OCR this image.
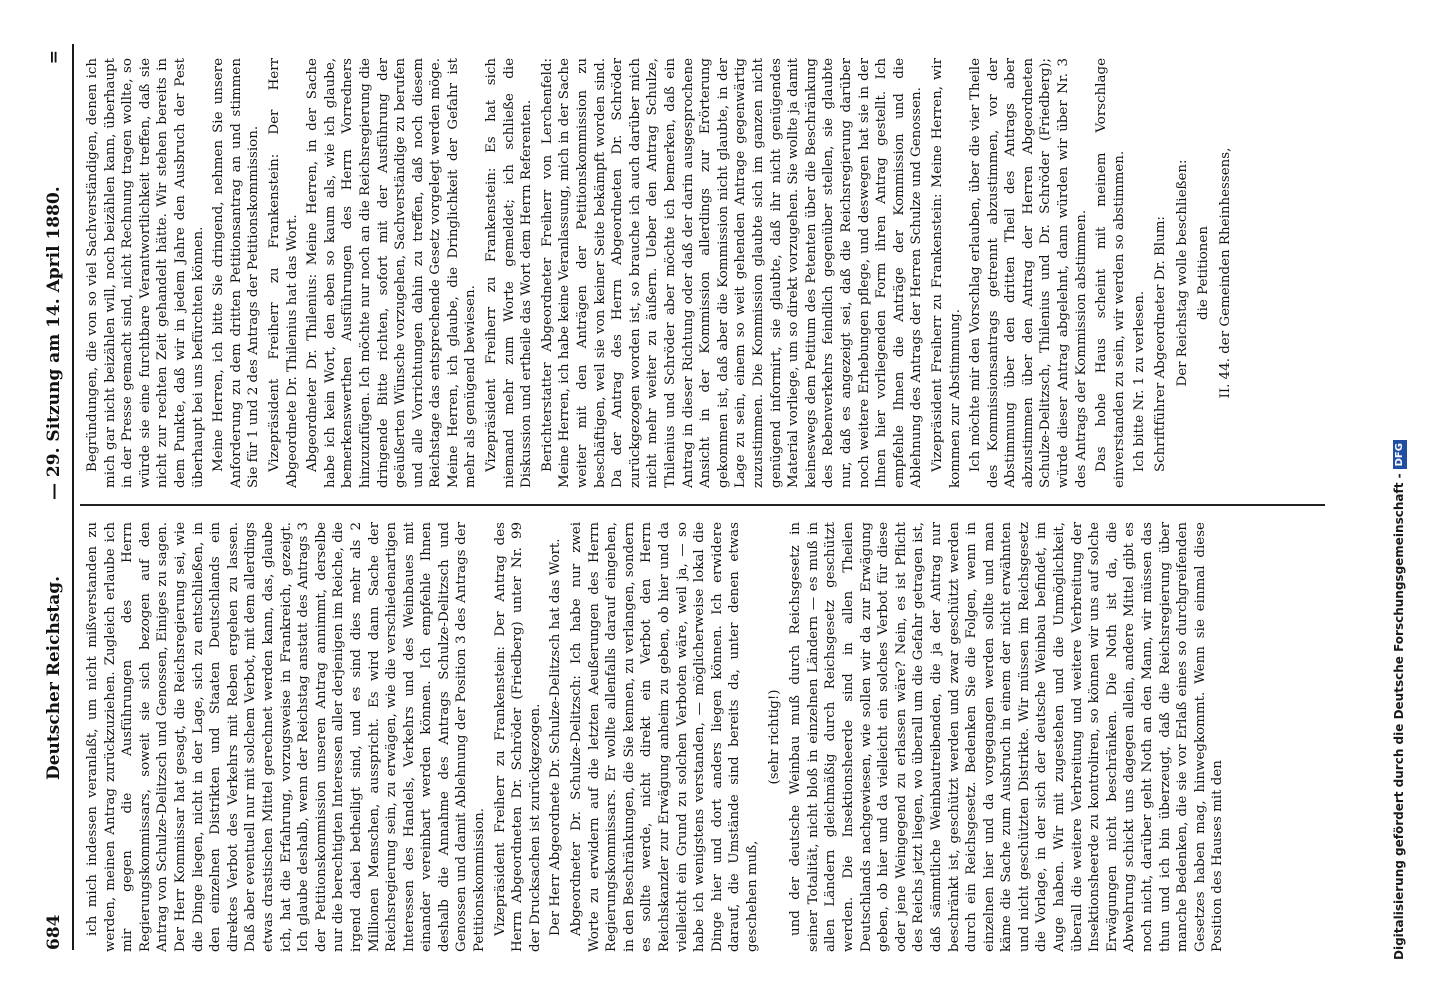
684
Deutscher Reichstag.
— 29. Sitzung am 14. April 1880.
=

ich mich indessen veranlaßt, um nicht mißverstanden zu werden, meinen Antrag zurückzuziehen. Zugleich erlaube ich mir gegen die Ausführungen des Herrn Regierungskommissars, soweit sie sich bezogen auf den Antrag von Schulze-Delitzsch und Genossen, Einiges zu sagen. Der Herr Kommissar hat gesagt, die Reichsregierung sei, wie die Dinge liegen, nicht in der Lage, sich zu entschließen, in den einzelnen Distrikten und Staaten Deutschlands ein direktes Verbot des Verkehrs mit Reben ergehen zu lassen. Daß aber eventuell nur mit solchem Verbot, mit dem allerdings etwas drastischen Mittel gerechnet werden kann, das, glaube ich, hat die Erfahrung, vorzugsweise in Frankreich, gezeigt. Ich glaube deshalb, wenn der Reichstag anstatt des Antrags 3 der Petitionskommission unseren Antrag annimmt, derselbe nur die berechtigten Interessen aller derjenigen im Reiche, die irgend dabei betheiligt sind, und es sind dies mehr als 2 Millionen Menschen, ausspricht. Es wird dann Sache der Reichsregierung sein, zu erwägen, wie die verschiedenartigen Interessen des Handels, Verkehrs und des Weinbaues mit einander vereinbart werden können. Ich empfehle Ihnen deshalb die Annahme des Antrags Schulze-Delitzsch und Genossen und damit Ablehnung der Position 3 des Antrags der Petitionskommission. Vizepräsident Freiherr zu Frankenstein: Der Antrag des Herrn Abgeordneten Dr. Schröder (Friedberg) unter Nr. 99 der Drucksachen ist zurückgezogen. Der Herr Abgeordnete Dr. Schulze-Delitzsch hat das Wort. Abgeordneter Dr. Schulze-Delitzsch: Ich habe nur zwei Worte zu erwidern auf die letzten Aeußerungen des Herrn Regierungskommissars. Er wollte allenfalls darauf eingehen, in den Beschränkungen, die Sie kennen, zu verlangen, sondern es sollte werde, nicht direkt ein Verbot den Herrn Reichskanzler zur Erwägung anheim zu geben, ob hier und da vielleicht ein Grund zu solchen Verboten wäre, weil ja, — so habe ich wenigstens verstanden, — möglicherweise lokal die Dinge hier und dort anders liegen können. Ich erwidere darauf, die Umstände sind bereits da, unter denen etwas geschehen muß,

(sehr richtig!) und der deutsche Weinbau muß durch Reichsgesetz in seiner Totalität, nicht bloß in einzelnen Ländern — es muß in allen Ländern gleichmäßig durch Reichsgesetz geschützt werden. Die Insektionsheerde sind in allen Theilen Deutschlands nachgewiesen, wie sollen wir da zur Erwägung geben, ob hier und da vielleicht ein solches Verbot für diese oder jene Weingegend zu erlassen wäre? Nein, es ist Pflicht des Reichs jetzt liegen, wo überall um die Gefahr getragen ist, daß sämmtliche Weinbautreibenden, die ja der Antrag nur beschränkt ist, geschützt werden und zwar geschützt werden durch ein Reichsgesetz. Bedenken Sie die Folgen, wenn in einzelnen hier und da vorgegangen werden sollte und man käme die Sache zum Ausbruch in einem der nicht erwähnten und nicht geschützten Distrikte. Wir müssen im Reichsgesetz die Vorlage, in der sich der deutsche Weinbau befindet, im Auge haben. Wir mit zugestehen und die Unmöglichkeit, überall die weitere Verbreitung und weitere Verbreitung der Insektionsheerde zu kontroliren, so können wir uns auf solche Erwägungen nicht beschränken. Die Noth ist da, die Abwehrung schickt uns dagegen allein, andere Mittel gibt es noch nicht, darüber geht Noth an den Mann, wir müssen das thun und ich bin überzeugt, daß die Reichsregierung über manche Bedenken, die sie vor Erlaß eines so durchgreifenden Gesetzes haben mag, hinwegkommt. Wenn sie einmal diese Position des Hauses mit den

Begründungen, die von so viel Sachverständigen, denen ich mich gar nicht beizählen will, noch beizählen kann, überhaupt in der Presse gemacht sind, nicht Rechnung tragen wollte, so würde sie eine furchtbare Verantwortlichkeit treffen, daß sie nicht zur rechten Zeit gehandelt hätte. Wir stehen bereits in dem Punkte, daß wir in jedem Jahre den Ausbruch der Pest überhaupt bei uns befürchten können. Meine Herren, ich bitte Sie dringend, nehmen Sie unsere Anforderung zu dem dritten Petitionsantrag an und stimmen Sie für 1 und 2 des Antrags der Petitionskommission. Vizepräsident Freiherr zu Frankenstein: Der Herr Abgeordnete Dr. Thilenius hat das Wort. Abgeordneter Dr. Thilenius: Meine Herren, in der Sache habe ich kein Wort, den eben so kaum als, wie ich glaube, bemerkenswerthen Ausführungen des Herrn Vorredners hinzuzufügen. Ich möchte nur noch an die Reichsregierung die dringende Bitte richten, sofort mit der Ausführung der geäußerten Wünsche vorzugehen, Sachverständige zu berufen und alle Vorrichtungen dahin zu treffen, daß noch diesem Reichstage das entsprechende Gesetz vorgelegt werden möge. Meine Herren, ich glaube, die Dringlichkeit der Gefahr ist mehr als genügend bewiesen. Vizepräsident Freiherr zu Frankenstein: Es hat sich niemand mehr zum Worte gemeldet; ich schließe die Diskussion und ertheile das Wort dem Herrn Referenten. Berichterstatter Abgeordneter Freiherr von Lerchenfeld: Meine Herren, ich habe keine Veranlassung, mich in der Sache weiter mit den Anträgen der Petitionskommission zu beschäftigen, weil sie von keiner Seite bekämpft worden sind. Da der Antrag des Herrn Abgeordneten Dr. Schröder zurückgezogen worden ist, so brauche ich auch darüber mich nicht mehr weiter zu äußern. Ueber den Antrag Schulze, Thilenius und Schröder aber möchte ich bemerken, daß ein Antrag in dieser Richtung oder daß der darin ausgesprochene Ansicht in der Kommission allerdings zur Erörterung gekommen ist, daß aber die Kommission nicht glaubte, in der Lage zu sein, einem so weit gehenden Antrage gegenwärtig zuzustimmen. Die Kommission glaubte sich im ganzen nicht genügend informirt, sie glaubte, daß ihr nicht genügendes Material vorliege, um so direkt vorzugehen. Sie wollte ja damit keineswegs dem Petitum des Petenten über die Beschränkung des Rebenverkehrs feindlich gegenüber stellen, sie glaubte nur, daß es angezeigt sei, daß die Reichsregierung darüber noch weitere Erhebungen pflege, und deswegen hat sie in der Ihnen hier vorliegenden Form ihren Antrag gestellt. Ich empfehle Ihnen die Anträge der Kommission und die Ablehnung des Antrags der Herren Schulze und Genossen. Vizepräsident Freiherr zu Frankenstein: Meine Herren, wir kommen zur Abstimmung. Ich möchte mir den Vorschlag erlauben, über die vier Theile des Kommissionsantrags getrennt abzustimmen, vor der Abstimmung über den dritten Theil des Antrags aber abzustimmen über den Antrag der Herren Abgeordneten Schulze-Delitzsch, Thilenius und Dr. Schröder (Friedberg); würde dieser Antrag abgelehnt, dann würden wir über Nr. 3 des Antrags der Kommission abstimmen. Das hohe Haus scheint mit meinem Vorschlage einverstanden zu sein, wir werden so abstimmen. Ich bitte Nr. 1 zu verlesen. Schriftführer Abgeordneter Dr. Blum: Der Reichstag wolle beschließen: die Petitionen II. 44. der Gemeinden Rheinhessens,

Digitalisierung gefördert durch die Deutsche Forschungsgemeinschaft -DFG
